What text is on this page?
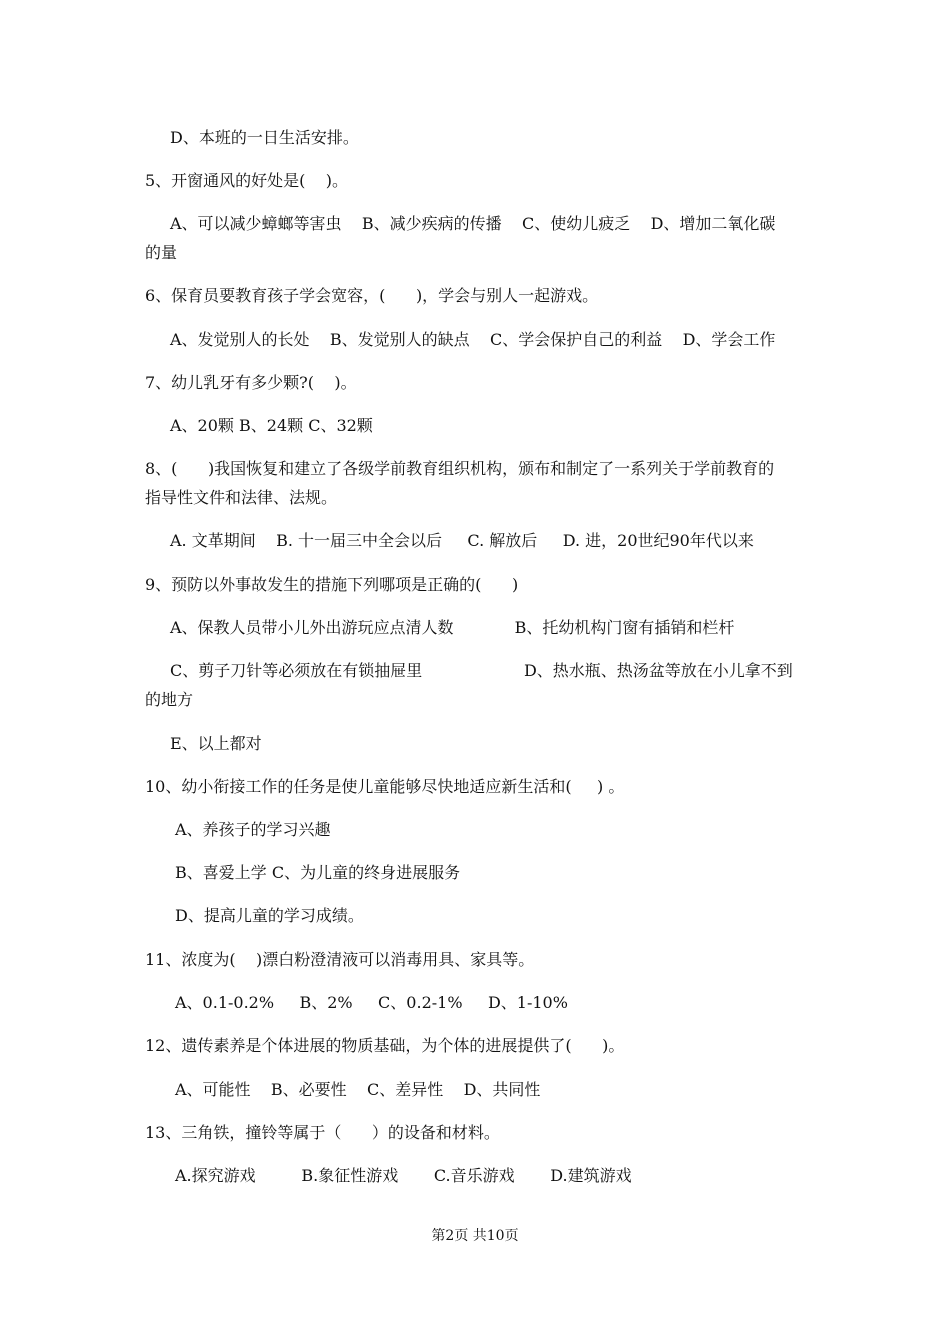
D、本班的一日生活安排。
5、开窗通风的好处是(    )。
A、可以减少蟑螂等害虫    B、减少疾病的传播    C、使幼儿疲乏    D、增加二氧化碳
的量
6、保育员要教育孩子学会宽容，(      )，学会与别人一起游戏。
A、发觉别人的长处    B、发觉别人的缺点    C、学会保护自己的利益    D、学会工作
7、幼儿乳牙有多少颗?(    )。
A、20颗 B、24颗 C、32颗
8、(      )我国恢复和建立了各级学前教育组织机构，颁布和制定了一系列关于学前教育的
指导性文件和法律、法规。
A. 文革期间    B. 十一届三中全会以后     C. 解放后     D. 进，20世纪90年代以来
9、预防以外事故发生的措施下列哪项是正确的(      )
A、保教人员带小儿外出游玩应点清人数            B、托幼机构门窗有插销和栏杆
C、剪子刀针等必须放在有锁抽屉里                    D、热水瓶、热汤盆等放在小儿拿不到
的地方
E、以上都对
10、幼小衔接工作的任务是使儿童能够尽快地适应新生活和(     ) 。
A、养孩子的学习兴趣
B、喜爱上学 C、为儿童的终身进展服务
D、提高儿童的学习成绩。
11、浓度为(    )漂白粉澄清液可以消毒用具、家具等。
A、0.1-0.2%     B、2%     C、0.2-1%     D、1-10%
12、遗传素养是个体进展的物质基础，为个体的进展提供了(      )。
A、可能性    B、必要性    C、差异性    D、共同性
13、三角铁，撞铃等属于（      ）的设备和材料。
A.探究游戏         B.象征性游戏       C.音乐游戏       D.建筑游戏
第2页 共10页
